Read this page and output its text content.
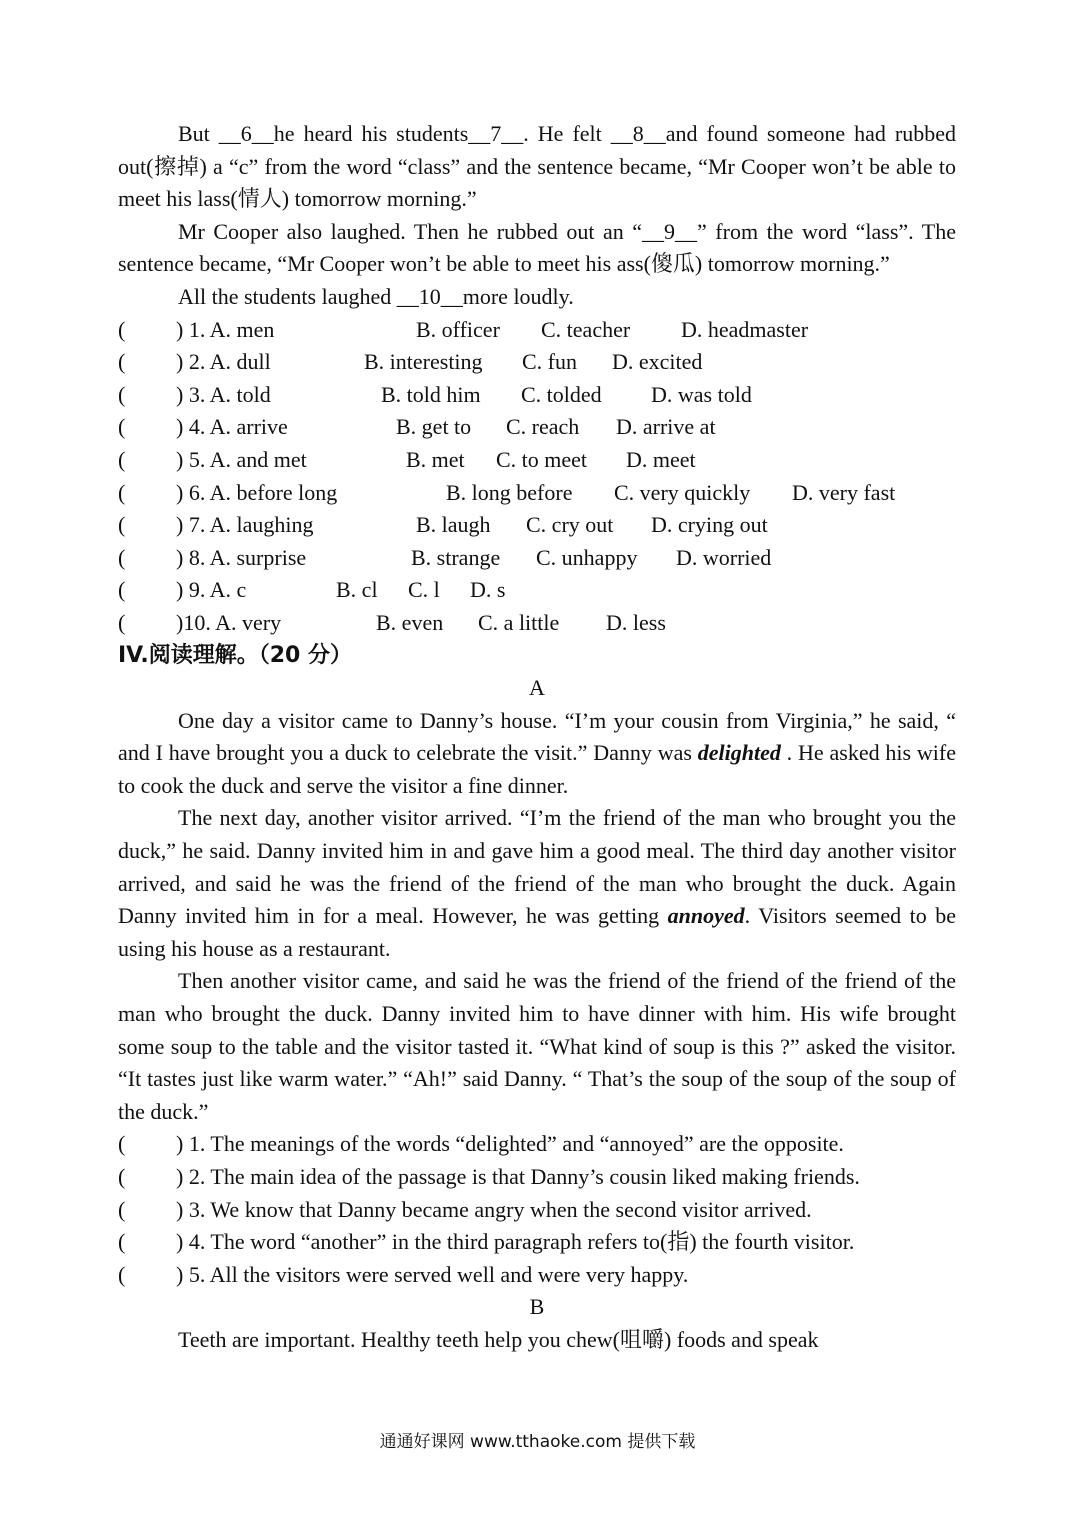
But __6__he heard his students__7__. He felt __8__and found someone had rubbed out(擦掉) a “c” from the word “class” and the sentence became, “Mr Cooper won’t be able to meet his lass(情人) tomorrow morning.”

Mr Cooper also laughed. Then he rubbed out an “__9__” from the word “lass”. The sentence became, “Mr Cooper won’t be able to meet his ass(傻瓜) tomorrow morning.”

All the students laughed __10__more loudly.

(	) 1. A. men	B. officer	C. teacher	D. headmaster
(	) 2. A. dull	B. interesting	C. fun	D. excited
(	) 3. A. told	B. told him	C. tolded	D. was told
(	) 4. A. arrive	B. get to	C. reach	D. arrive at
(	) 5. A. and met	B. met	C. to meet	D. meet
(	) 6. A. before long	B. long before	C. very quickly	D. very fast
(	) 7. A. laughing	B. laugh	C. cry out	D. crying out
(	) 8. A. surprise	B. strange	C. unhappy	D. worried
(	) 9. A. c	B. cl	C. l	D. s
(	)10. A. very	B. even	C. a little	D. less
IV.阅读理解。（20 分）
A

One day a visitor came to Danny’s house. “I’m your cousin from Virginia,” he said, “ and I have brought you a duck to celebrate the visit.” Danny was delighted . He asked his wife to cook the duck and serve the visitor a fine dinner.

The next day, another visitor arrived. “I’m the friend of the man who brought you the duck,” he said. Danny invited him in and gave him a good meal. The third day another visitor arrived, and said he was the friend of the friend of the man who brought the duck. Again Danny invited him in for a meal. However, he was getting annoyed. Visitors seemed to be using his house as a restaurant.

Then another visitor came, and said he was the friend of the friend of the friend of the man who brought the duck. Danny invited him to have dinner with him. His wife brought some soup to the table and the visitor tasted it. “What kind of soup is this ?” asked the visitor. “It tastes just like warm water.” “Ah!” said Danny. “ That’s the soup of the soup of the soup of the duck.”

(	) 1. The meanings of the words “delighted” and “annoyed” are the opposite.
(	) 2. The main idea of the passage is that Danny’s cousin liked making friends.
(	) 3. We know that Danny became angry when the second visitor arrived.
(	) 4. The word “another” in the third paragraph refers to(指) the fourth visitor.
(	) 5. All the visitors were served well and were very happy.
B

Teeth are important. Healthy teeth help you chew(咀嚼) foods and speak

通通好课网 www.tthaoke.com 提供下载
